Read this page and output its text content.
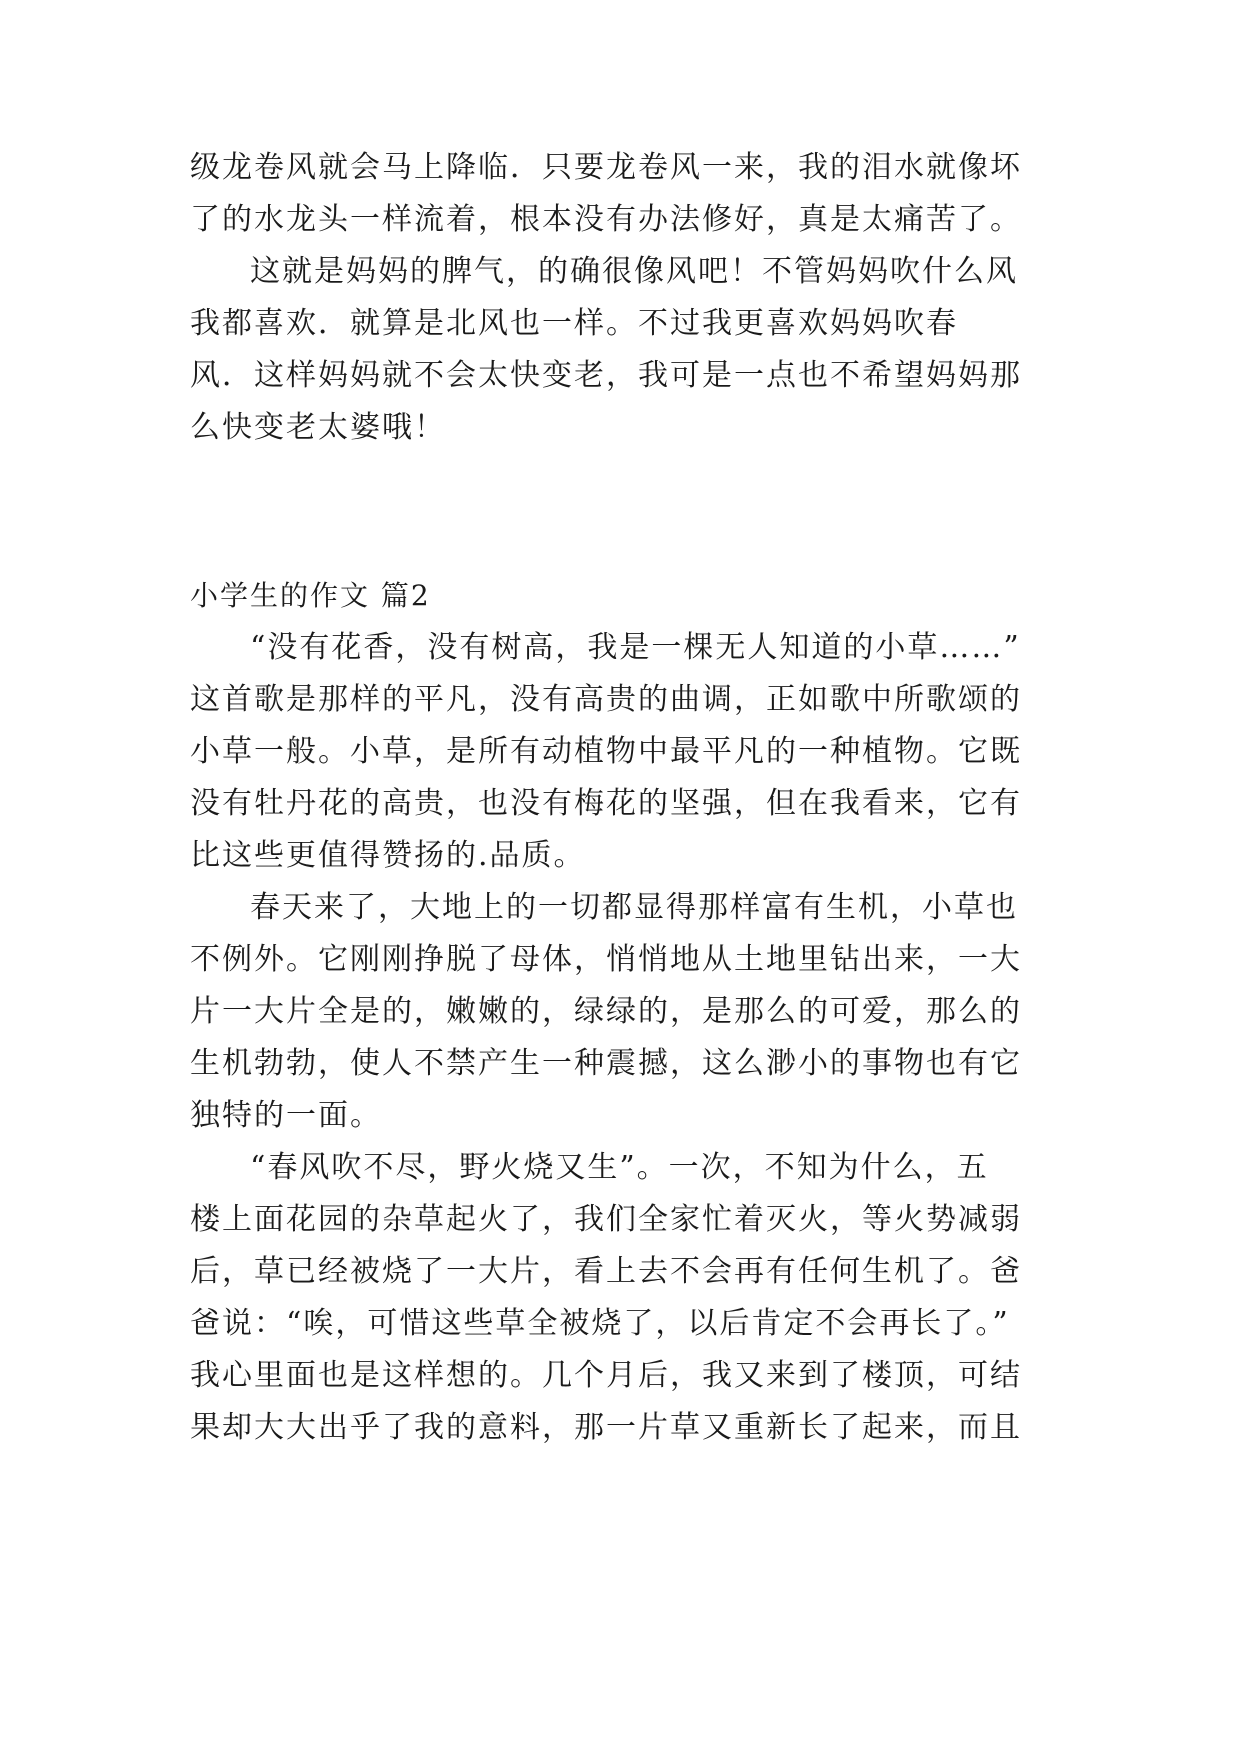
级龙卷风就会马上降临．只要龙卷风一来，我的泪水就像坏
了的水龙头一样流着，根本没有办法修好，真是太痛苦了。
这就是妈妈的脾气，的确很像风吧！不管妈妈吹什么风
我都喜欢．就算是北风也一样。不过我更喜欢妈妈吹春
风．这样妈妈就不会太快变老，我可是一点也不希望妈妈那
么快变老太婆哦！
小学生的作文 篇2
“没有花香，没有树高，我是一棵无人知道的小草……”
这首歌是那样的平凡，没有高贵的曲调，正如歌中所歌颂的
小草一般。小草，是所有动植物中最平凡的一种植物。它既
没有牡丹花的高贵，也没有梅花的坚强，但在我看来，它有
比这些更值得赞扬的.品质。
春天来了，大地上的一切都显得那样富有生机，小草也
不例外。它刚刚挣脱了母体，悄悄地从土地里钻出来，一大
片一大片全是的，嫩嫩的，绿绿的，是那么的可爱，那么的
生机勃勃，使人不禁产生一种震撼，这么渺小的事物也有它
独特的一面。
“春风吹不尽，野火烧又生”。一次，不知为什么，五
楼上面花园的杂草起火了，我们全家忙着灭火，等火势减弱
后，草已经被烧了一大片，看上去不会再有任何生机了。爸
爸说：“唉，可惜这些草全被烧了，以后肯定不会再长了。”
我心里面也是这样想的。几个月后，我又来到了楼顶，可结
果却大大出乎了我的意料，那一片草又重新长了起来，而且
